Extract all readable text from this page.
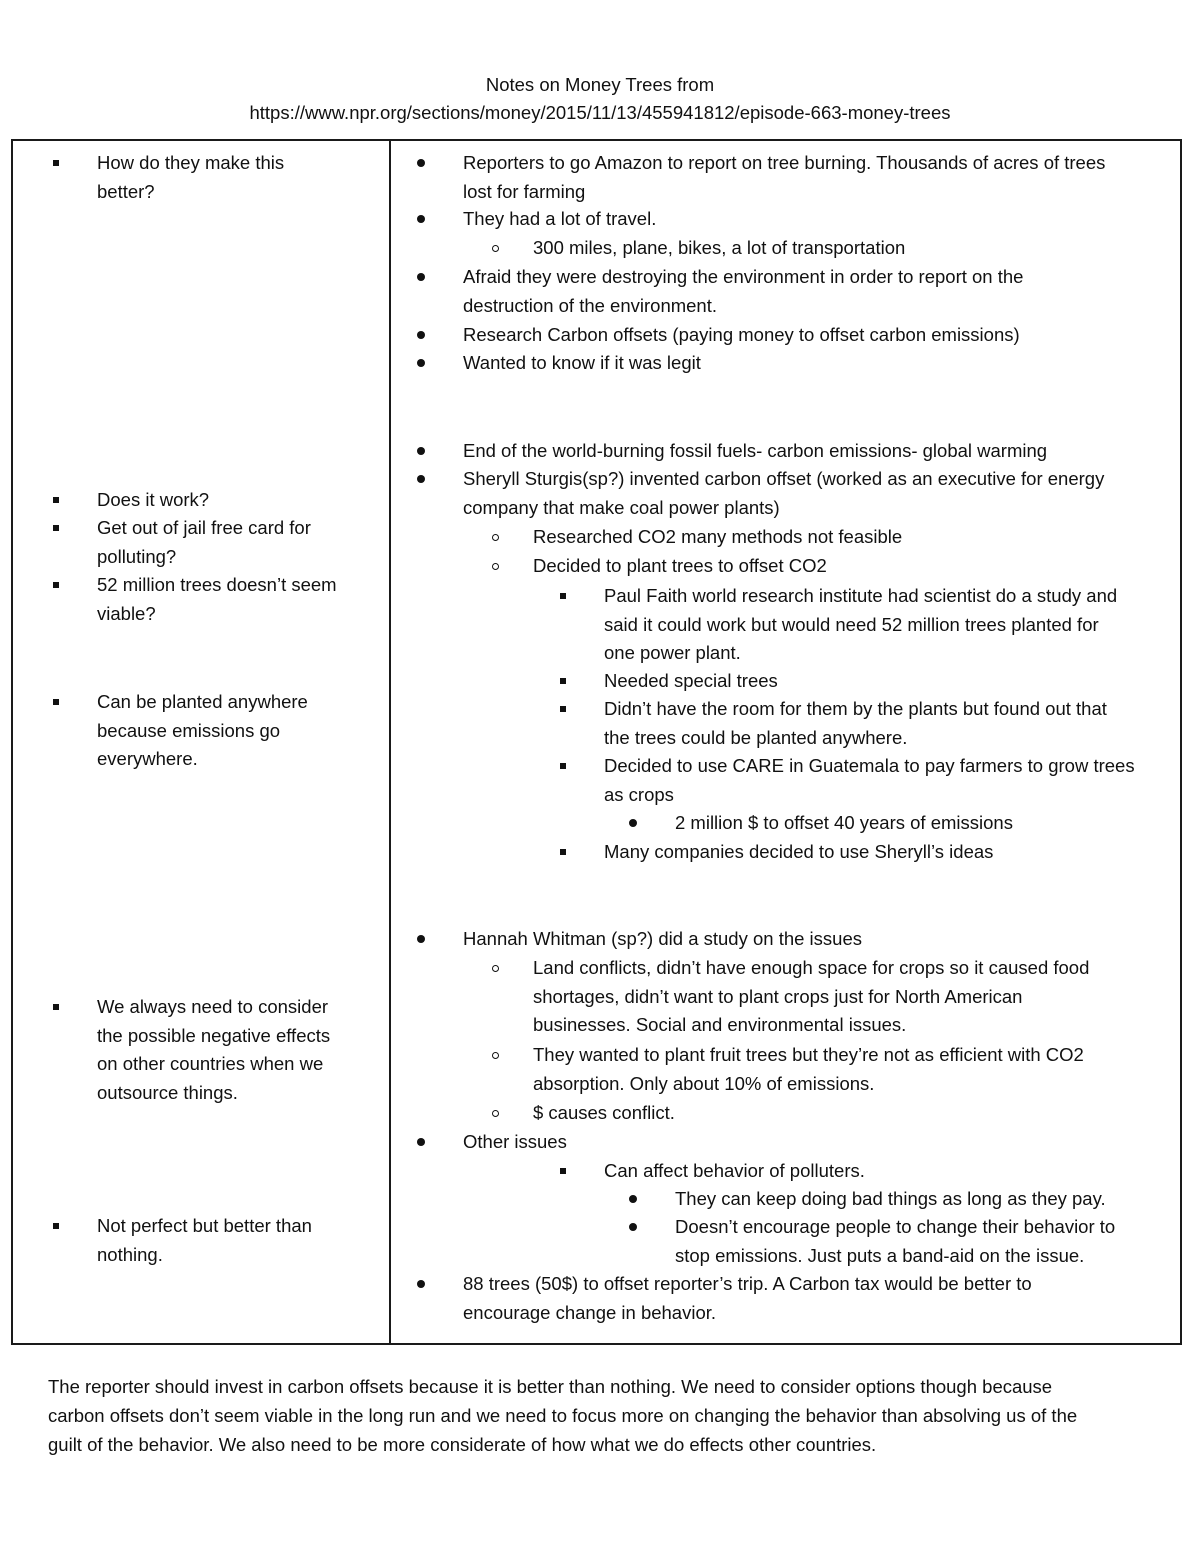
Notes on Money Trees from
https://www.npr.org/sections/money/2015/11/13/455941812/episode-663-money-trees
How do they make this
better?
Does it work?
Get out of jail free card for
polluting?
52 million trees doesn’t seem
viable?
Can be planted anywhere
because emissions go
everywhere.
We always need to consider
the possible negative effects
on other countries when we
outsource things.
Not perfect but better than
nothing.
Reporters to go Amazon to report on tree burning. Thousands of acres of trees
lost for farming
They had a lot of travel.
300 miles, plane, bikes, a lot of transportation
Afraid they were destroying the environment in order to report on the
destruction of the environment.
Research Carbon offsets (paying money to offset carbon emissions)
Wanted to know if it was legit
End of the world-burning fossil fuels- carbon emissions- global warming
Sheryll Sturgis(sp?) invented carbon offset (worked as an executive for energy
company that make coal power plants)
Researched CO2 many methods not feasible
Decided to plant trees to offset CO2
Paul Faith world research institute had scientist do a study and
said it could work but would need 52 million trees planted for
one power plant.
Needed special trees
Didn’t have the room for them by the plants but found out that
the trees could be planted anywhere.
Decided to use CARE in Guatemala to pay farmers to grow trees
as crops
2 million $ to offset 40 years of emissions
Many companies decided to use Sheryll’s ideas
Hannah Whitman (sp?) did a study on the issues
Land conflicts, didn’t have enough space for crops so it caused food
shortages, didn’t want to plant crops just for North American
businesses. Social and environmental issues.
They wanted to plant fruit trees but they’re not as efficient with CO2
absorption. Only about 10% of emissions.
$ causes conflict.
Other issues
Can affect behavior of polluters.
They can keep doing bad things as long as they pay.
Doesn’t encourage people to change their behavior to
stop emissions. Just puts a band-aid on the issue.
88 trees (50$) to offset reporter’s trip. A Carbon tax would be better to
encourage change in behavior.
The reporter should invest in carbon offsets because it is better than nothing. We need to consider options though because
carbon offsets don’t seem viable in the long run and we need to focus more on changing the behavior than absolving us of the
guilt of the behavior. We also need to be more considerate of how what we do effects other countries.
